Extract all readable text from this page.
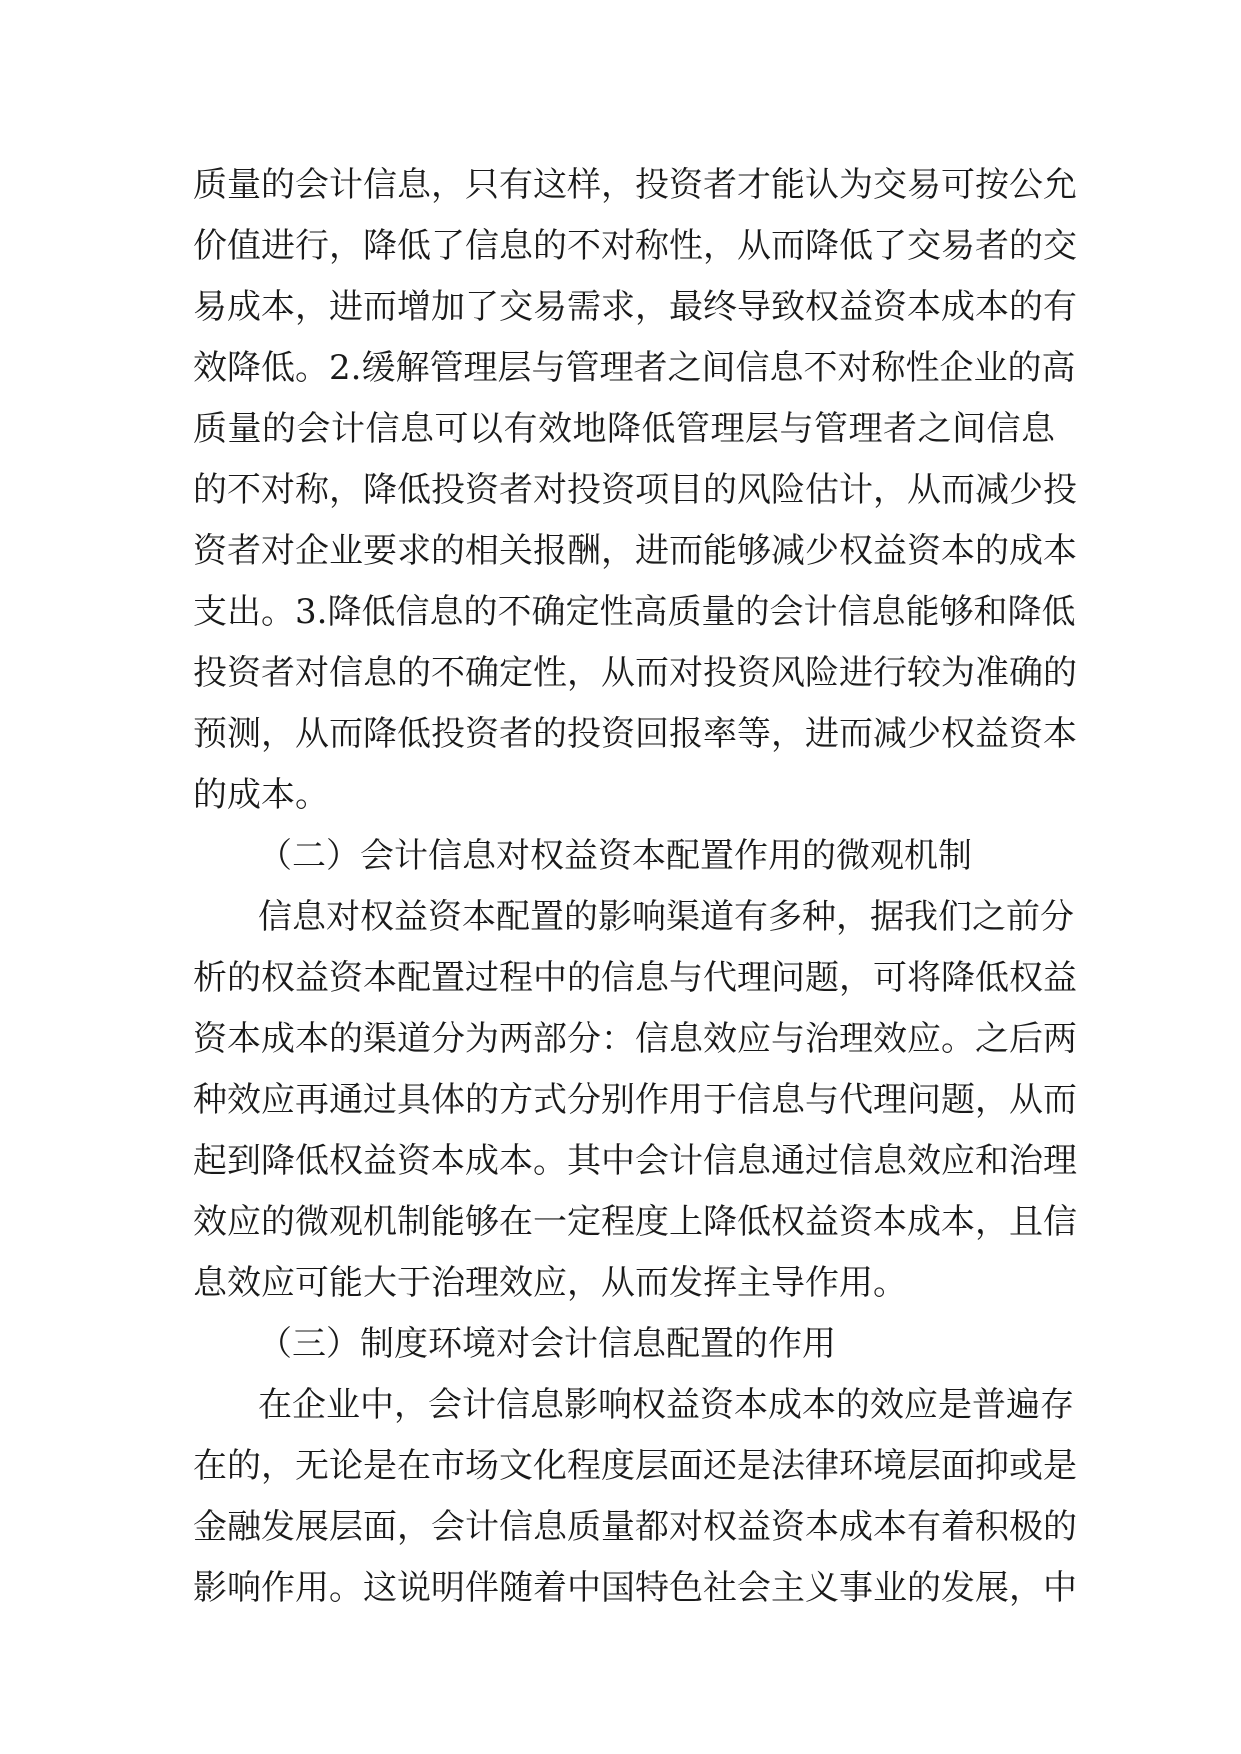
质量的会计信息，只有这样，投资者才能认为交易可按公允
价值进行，降低了信息的不对称性，从而降低了交易者的交
易成本，进而增加了交易需求，最终导致权益资本成本的有
效降低。2.缓解管理层与管理者之间信息不对称性企业的高
质量的会计信息可以有效地降低管理层与管理者之间信息
的不对称，降低投资者对投资项目的风险估计，从而减少投
资者对企业要求的相关报酬，进而能够减少权益资本的成本
支出。3.降低信息的不确定性高质量的会计信息能够和降低
投资者对信息的不确定性，从而对投资风险进行较为准确的
预测，从而降低投资者的投资回报率等，进而减少权益资本
的成本。
（二）会计信息对权益资本配置作用的微观机制
信息对权益资本配置的影响渠道有多种，据我们之前分
析的权益资本配置过程中的信息与代理问题，可将降低权益
资本成本的渠道分为两部分：信息效应与治理效应。之后两
种效应再通过具体的方式分别作用于信息与代理问题，从而
起到降低权益资本成本。其中会计信息通过信息效应和治理
效应的微观机制能够在一定程度上降低权益资本成本，且信
息效应可能大于治理效应，从而发挥主导作用。
（三）制度环境对会计信息配置的作用
在企业中，会计信息影响权益资本成本的效应是普遍存
在的，无论是在市场文化程度层面还是法律环境层面抑或是
金融发展层面，会计信息质量都对权益资本成本有着积极的
影响作用。这说明伴随着中国特色社会主义事业的发展，中
